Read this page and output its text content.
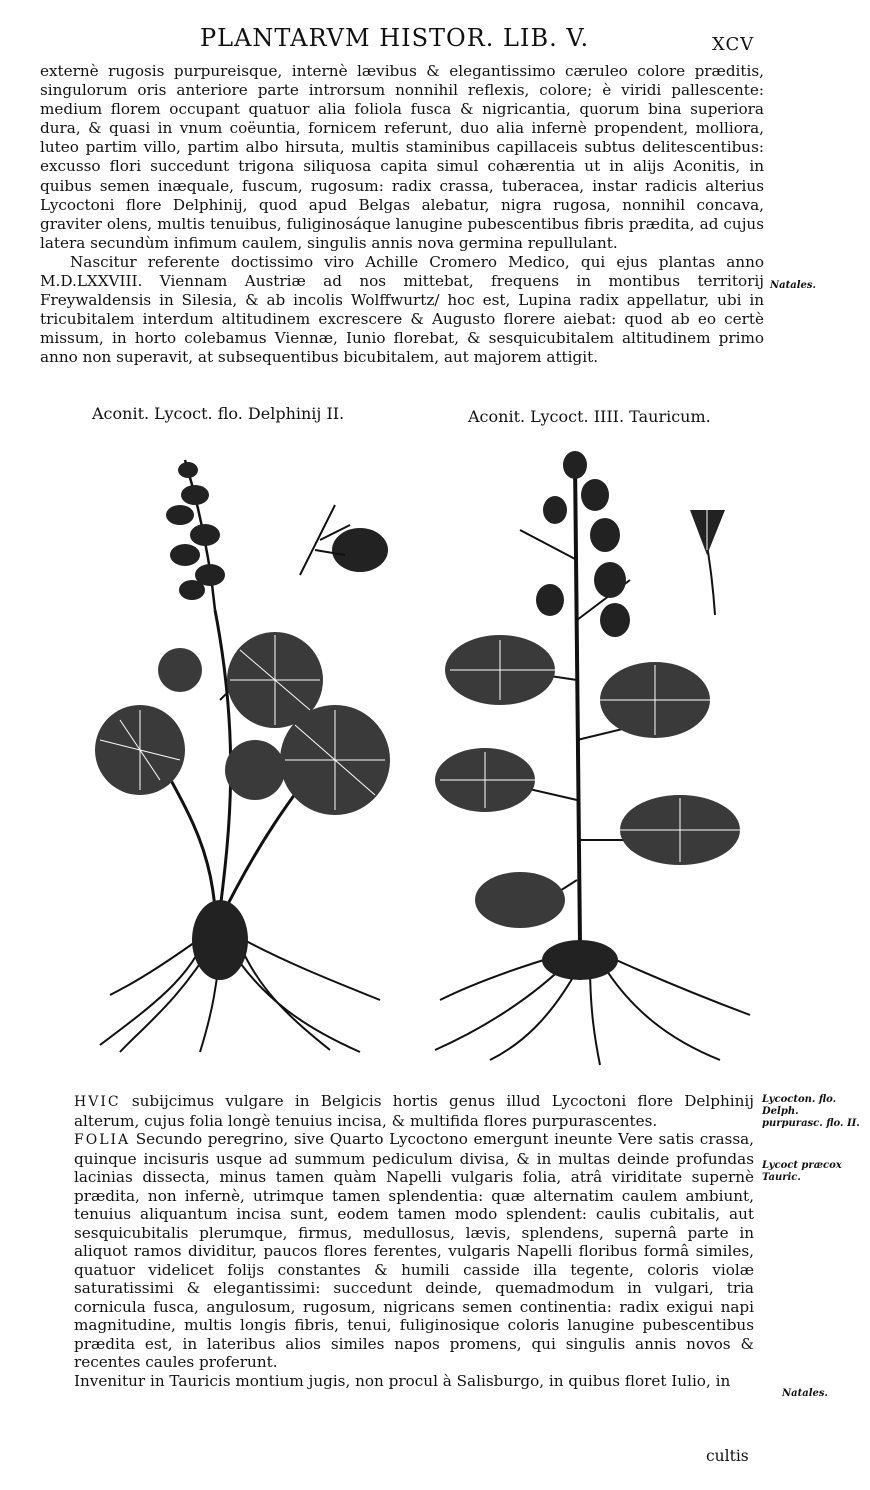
PLANTARVM HISTOR. LIB. V.	XCV

externè rugosis purpureisque, internè lævibus & elegantissimo cæruleo colore præditis, singulorum oris anteriore parte introrsum nonnihil reflexis, colore; è viridi pallescente: medium florem occupant quatuor alia foliola fusca & nigricantia, quorum bina superiora dura, & quasi in vnum coëuntia, fornicem referunt, duo alia infernè propendent, molliora, luteo partim villo, partim albo hirsuta, multis staminibus capillaceis subtus delitescentibus: excusso flori succedunt trigona siliquosa capita simul cohærentia ut in alijs Aconitis, in quibus semen inæquale, fuscum, rugosum: radix crassa, tuberacea, instar radicis alterius Lycoctoni flore Delphinij, quod apud Belgas alebatur, nigra rugosa, nonnihil concava, graviter olens, multis tenuibus, fuliginosáque lanugine pubescentibus fibris prædita, ad cujus latera secundùm infimum caulem, singulis annis nova germina repullulant.

Nascitur referente doctissimo viro Achille Cromero Medico, qui ejus plantas anno M.D.LXXVIII. Viennam Austriæ ad nos mittebat, frequens in montibus territorij Freywaldensis in Silesia, & ab incolis Wolffwurtz/ hoc est, Lupina radix appellatur, ubi in tricubitalem interdum altitudinem excrescere & Augusto florere aiebat: quod ab eo certè missum, in horto colebamus Viennæ, Iunio florebat, & sesquicubitalem altitudinem primo anno non superavit, at subsequentibus bicubitalem, aut majorem attigit.

Natales.
Aconit. Lycoct. flo. Delphinij II.	Aconit. Lycoct. IIII. Tauricum.
Lycocton. flo. Delph. purpurasc. flo. II.
Lycoct præcox Tauric.
Natales.

HVIC subijcimus vulgare in Belgicis hortis genus illud Lycoctoni flore Delphinij alterum, cujus folia longè tenuius incisa, & multifida flores purpurascentes.

FOLIA Secundo peregrino, sive Quarto Lycoctono emergunt ineunte Vere satis crassa, quinque incisuris usque ad summum pediculum divisa, & in multas deinde profundas lacinias dissecta, minus tamen quàm Napelli vulgaris folia, atrâ viriditate supernè prædita, non infernè, utrimque tamen splendentia: quæ alternatim caulem ambiunt, tenuius aliquantum incisa sunt, eodem tamen modo splendent: caulis cubitalis, aut sesquicubitalis plerumque, firmus, medullosus, lævis, splendens, supernâ parte in aliquot ramos dividitur, paucos flores ferentes, vulgaris Napelli floribus formâ similes, quatuor videlicet folijs constantes & humili casside illa tegente, coloris violæ saturatissimi & elegantissimi: succedunt deinde, quemadmodum in vulgari, tria cornicula fusca, angulosum, rugosum, nigricans semen continentia: radix exigui napi magnitudine, multis longis fibris, tenui, fuliginosique coloris lanugine pubescentibus prædita est, in lateribus alios similes napos promens, qui singulis annis novos & recentes caules proferunt.

Invenitur in Tauricis montium jugis, non procul à Salisburgo, in quibus floret Iulio, in

cultis
